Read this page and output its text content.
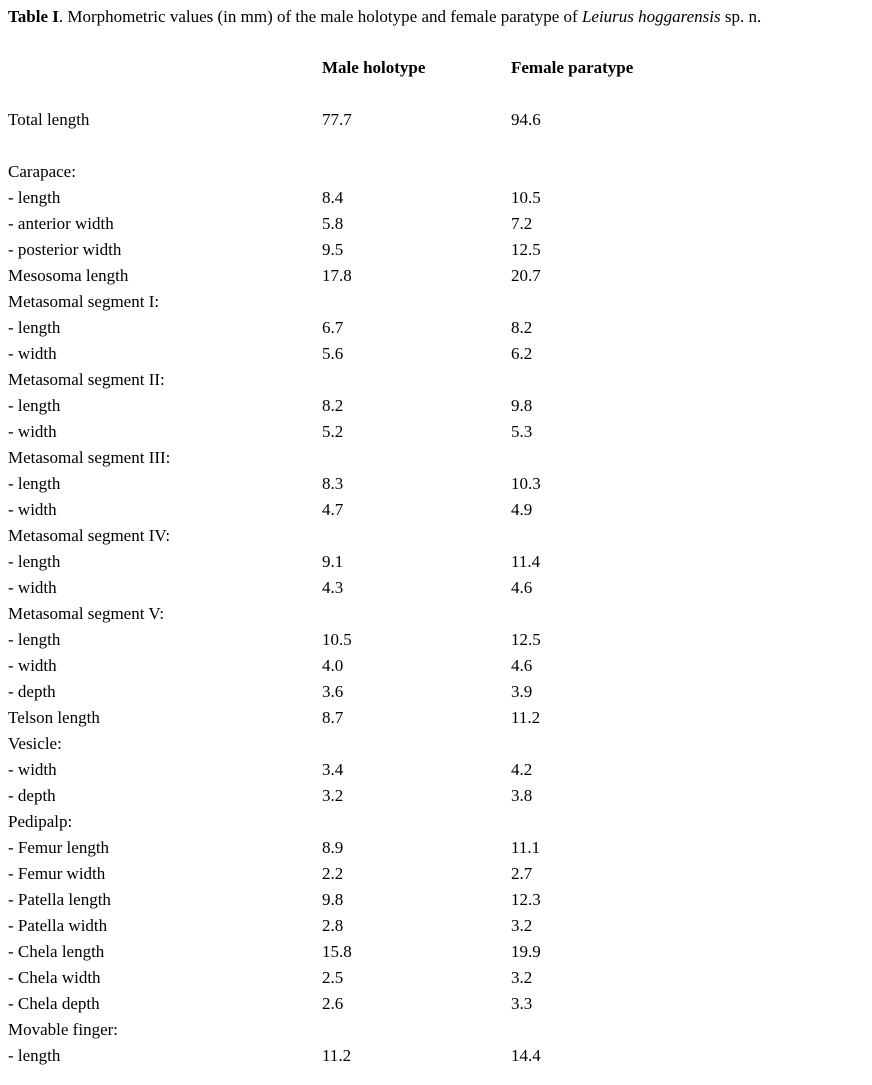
Table I. Morphometric values (in mm) of the male holotype and female paratype of Leiurus hoggarensis sp. n.
Male holotype	Female paratype
Total length	77.7	94.6
Carapace:
- length	8.4	10.5
- anterior width	5.8	7.2
- posterior width	9.5	12.5
Mesosoma length	17.8	20.7
Metasomal segment I:
- length	6.7	8.2
- width	5.6	6.2
Metasomal segment II:
- length	8.2	9.8
- width	5.2	5.3
Metasomal segment III:
- length	8.3	10.3
- width	4.7	4.9
Metasomal segment IV:
- length	9.1	11.4
- width	4.3	4.6
Metasomal segment V:
- length	10.5	12.5
- width	4.0	4.6
- depth	3.6	3.9
Telson length	8.7	11.2
Vesicle:
- width	3.4	4.2
- depth	3.2	3.8
Pedipalp:
- Femur length	8.9	11.1
- Femur width	2.2	2.7
- Patella length	9.8	12.3
- Patella width	2.8	3.2
- Chela length	15.8	19.9
- Chela width	2.5	3.2
- Chela depth	2.6	3.3
Movable finger:
- length	11.2	14.4
